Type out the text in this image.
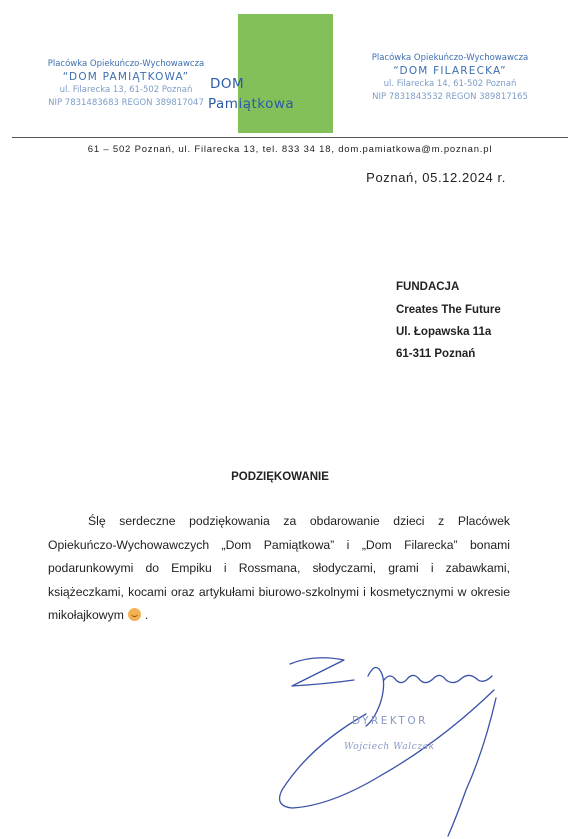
Placówka Opiekuńczo-Wychowawcza
“DOM PAMIĄTKOWA”
ul. Filarecka 13, 61-502 Poznań
NIP 7831483683 REGON 389817047
DOM
Pamiątkowa
Placówka Opiekuńczo-Wychowawcza
“DOM FILARECKA”
ul. Filarecka 14, 61-502 Poznań
NIP 7831843532 REGON 389817165
61 – 502 Poznań, ul. Filarecka 13, tel. 833 34 18, dom.pamiatkowa@m.poznan.pl
Poznań, 05.12.2024 r.
FUNDACJA
Creates The Future
Ul. Łopawska 11a
61-311 Poznań
PODZIĘKOWANIE
Ślę serdeczne podziękowania za obdarowanie dzieci z Placówek Opiekuńczo-Wychowawczych „Dom Pamiątkowa” i „Dom Filarecka” bonami podarunkowymi do Empiku i Rossmana, słodyczami, grami i zabawkami, książeczkami, kocami oraz artykułami biurowo-szkolnymi i kosmetycznymi w okresie mikołajkowym .
DYREKTOR
Wojciech Walczak
